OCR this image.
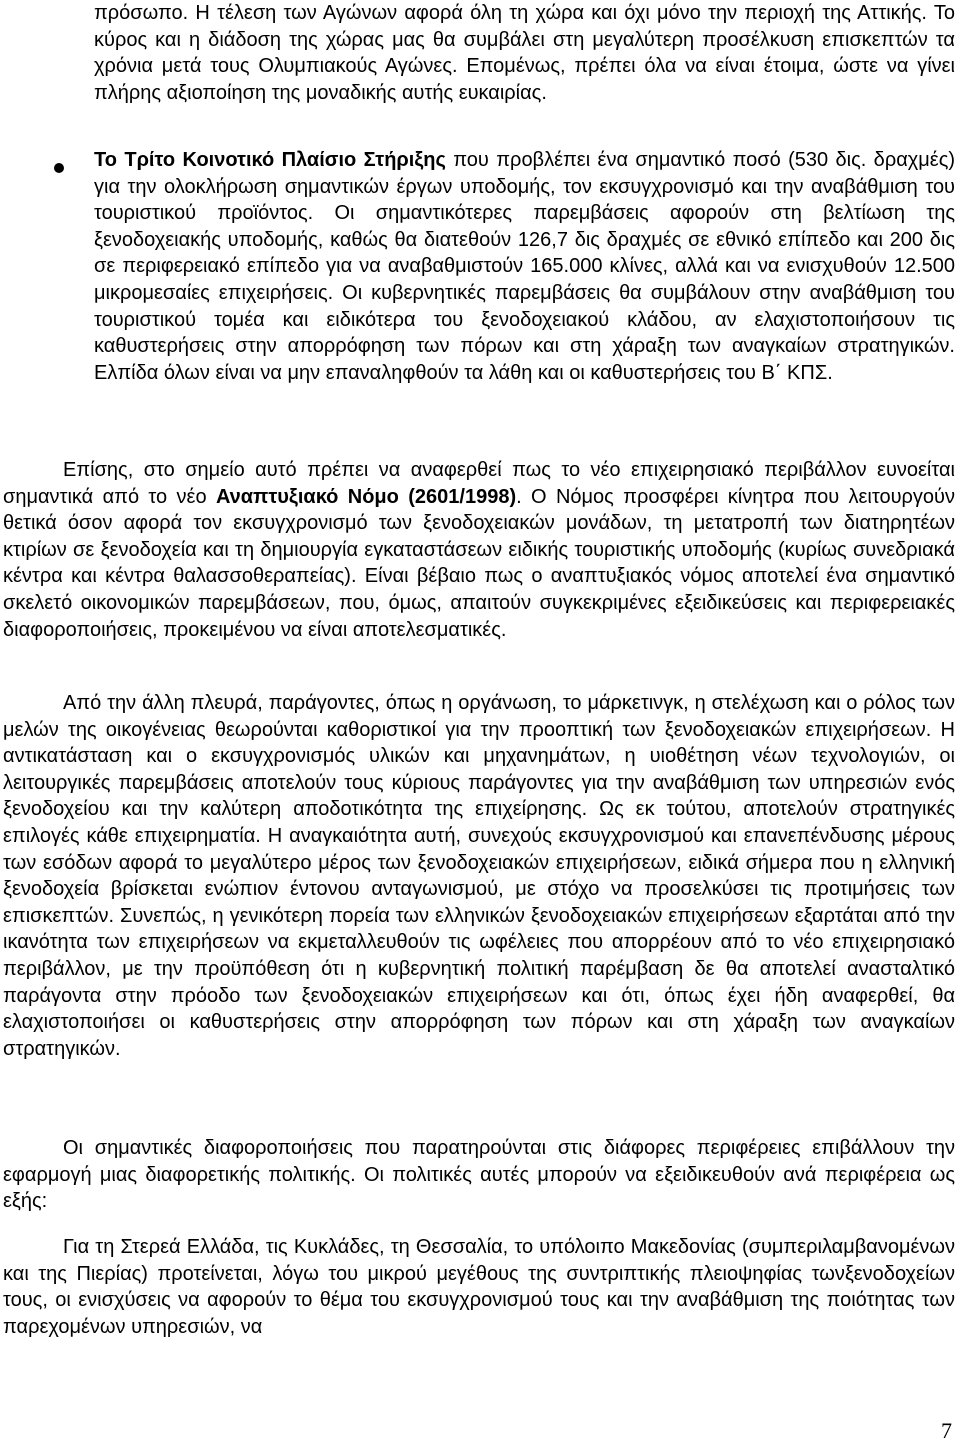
πρόσωπο. Η τέλεση των Αγώνων αφορά όλη τη χώρα και όχι μόνο την περιοχή της Αττικής. Το κύρος και η διάδοση της χώρας μας θα συμβάλει στη μεγαλύτερη προσέλκυση επισκεπτών τα χρόνια μετά τους Ολυμπιακούς Αγώνες. Επομένως, πρέπει όλα να είναι έτοιμα, ώστε να γίνει πλήρης αξιοποίηση της μοναδικής αυτής ευκαιρίας.
Το Τρίτο Κοινοτικό Πλαίσιο Στήριξης που προβλέπει ένα σημαντικό ποσό (530 δις. δραχμές) για την ολοκλήρωση σημαντικών έργων υποδομής, τον εκσυγχρονισμό και την αναβάθμιση του τουριστικού προϊόντος. Οι σημαντικότερες παρεμβάσεις αφορούν στη βελτίωση της ξενοδοχειακής υποδομής, καθώς θα διατεθούν 126,7 δις δραχμές σε εθνικό επίπεδο και 200 δις σε περιφερειακό επίπεδο για να αναβαθμιστούν 165.000 κλίνες, αλλά και να ενισχυθούν 12.500 μικρομεσαίες επιχειρήσεις. Οι κυβερνητικές παρεμβάσεις θα συμβάλουν στην αναβάθμιση του τουριστικού τομέα και ειδικότερα του ξενοδοχειακού κλάδου, αν ελαχιστοποιήσουν τις καθυστερήσεις στην απορρόφηση των πόρων και στη χάραξη των αναγκαίων στρατηγικών. Ελπίδα όλων είναι να μην επαναληφθούν τα λάθη και οι καθυστερήσεις του Β΄ ΚΠΣ.
Επίσης, στο σημείο αυτό πρέπει να αναφερθεί πως το νέο επιχειρησιακό περιβάλλον ευνοείται σημαντικά από το νέο Αναπτυξιακό Νόμο (2601/1998). Ο Νόμος προσφέρει κίνητρα που λειτουργούν θετικά όσον αφορά τον εκσυγχρονισμό των ξενοδοχειακών μονάδων, τη μετατροπή των διατηρητέων κτιρίων σε ξενοδοχεία και τη δημιουργία εγκαταστάσεων ειδικής τουριστικής υποδομής (κυρίως συνεδριακά κέντρα και κέντρα θαλασσοθεραπείας). Είναι βέβαιο πως ο αναπτυξιακός νόμος αποτελεί ένα σημαντικό σκελετό οικονομικών παρεμβάσεων, που, όμως, απαιτούν συγκεκριμένες εξειδικεύσεις και περιφερειακές διαφοροποιήσεις, προκειμένου να είναι αποτελεσματικές.
Από την άλλη πλευρά, παράγοντες, όπως η οργάνωση, το μάρκετινγκ, η στελέχωση και ο ρόλος των μελών της οικογένειας θεωρούνται καθοριστικοί για την προοπτική των ξενοδοχειακών επιχειρήσεων. Η αντικατάσταση και ο εκσυγχρονισμός υλικών και μηχανημάτων, η υιοθέτηση νέων τεχνολογιών, οι λειτουργικές παρεμβάσεις αποτελούν τους κύριους παράγοντες για την αναβάθμιση των υπηρεσιών ενός ξενοδοχείου και την καλύτερη αποδοτικότητα της επιχείρησης. Ως εκ τούτου, αποτελούν στρατηγικές επιλογές κάθε επιχειρηματία. Η αναγκαιότητα αυτή, συνεχούς εκσυγχρονισμού και επανεπένδυσης μέρους των εσόδων αφορά το μεγαλύτερο μέρος των ξενοδοχειακών επιχειρήσεων, ειδικά σήμερα που η ελληνική ξενοδοχεία βρίσκεται ενώπιον έντονου ανταγωνισμού, με στόχο να προσελκύσει τις προτιμήσεις των επισκεπτών. Συνεπώς, η γενικότερη πορεία των ελληνικών ξενοδοχειακών επιχειρήσεων εξαρτάται από την ικανότητα των επιχειρήσεων να εκμεταλλευθούν τις ωφέλειες που απορρέουν από το νέο επιχειρησιακό περιβάλλον, με την προϋπόθεση ότι η κυβερνητική πολιτική παρέμβαση δε θα αποτελεί ανασταλτικό παράγοντα στην πρόοδο των ξενοδοχειακών επιχειρήσεων και ότι, όπως έχει ήδη αναφερθεί, θα ελαχιστοποιήσει οι καθυστερήσεις στην απορρόφηση των πόρων και στη χάραξη των αναγκαίων στρατηγικών.
Οι σημαντικές διαφοροποιήσεις που παρατηρούνται στις διάφορες περιφέρειες επιβάλλουν την εφαρμογή μιας διαφορετικής πολιτικής. Οι πολιτικές αυτές μπορούν να εξειδικευθούν ανά περιφέρεια ως εξής:
Για τη Στερεά Ελλάδα, τις Κυκλάδες, τη Θεσσαλία, το υπόλοιπο Μακεδονίας (συμπεριλαμβανομένων και της Πιερίας) προτείνεται, λόγω του μικρού μεγέθους της συντριπτικής πλειοψηφίας τωνξενοδοχείων τους, οι ενισχύσεις να αφορούν το θέμα του εκσυγχρονισμού τους και την αναβάθμιση της ποιότητας των παρεχομένων υπηρεσιών, να
7
